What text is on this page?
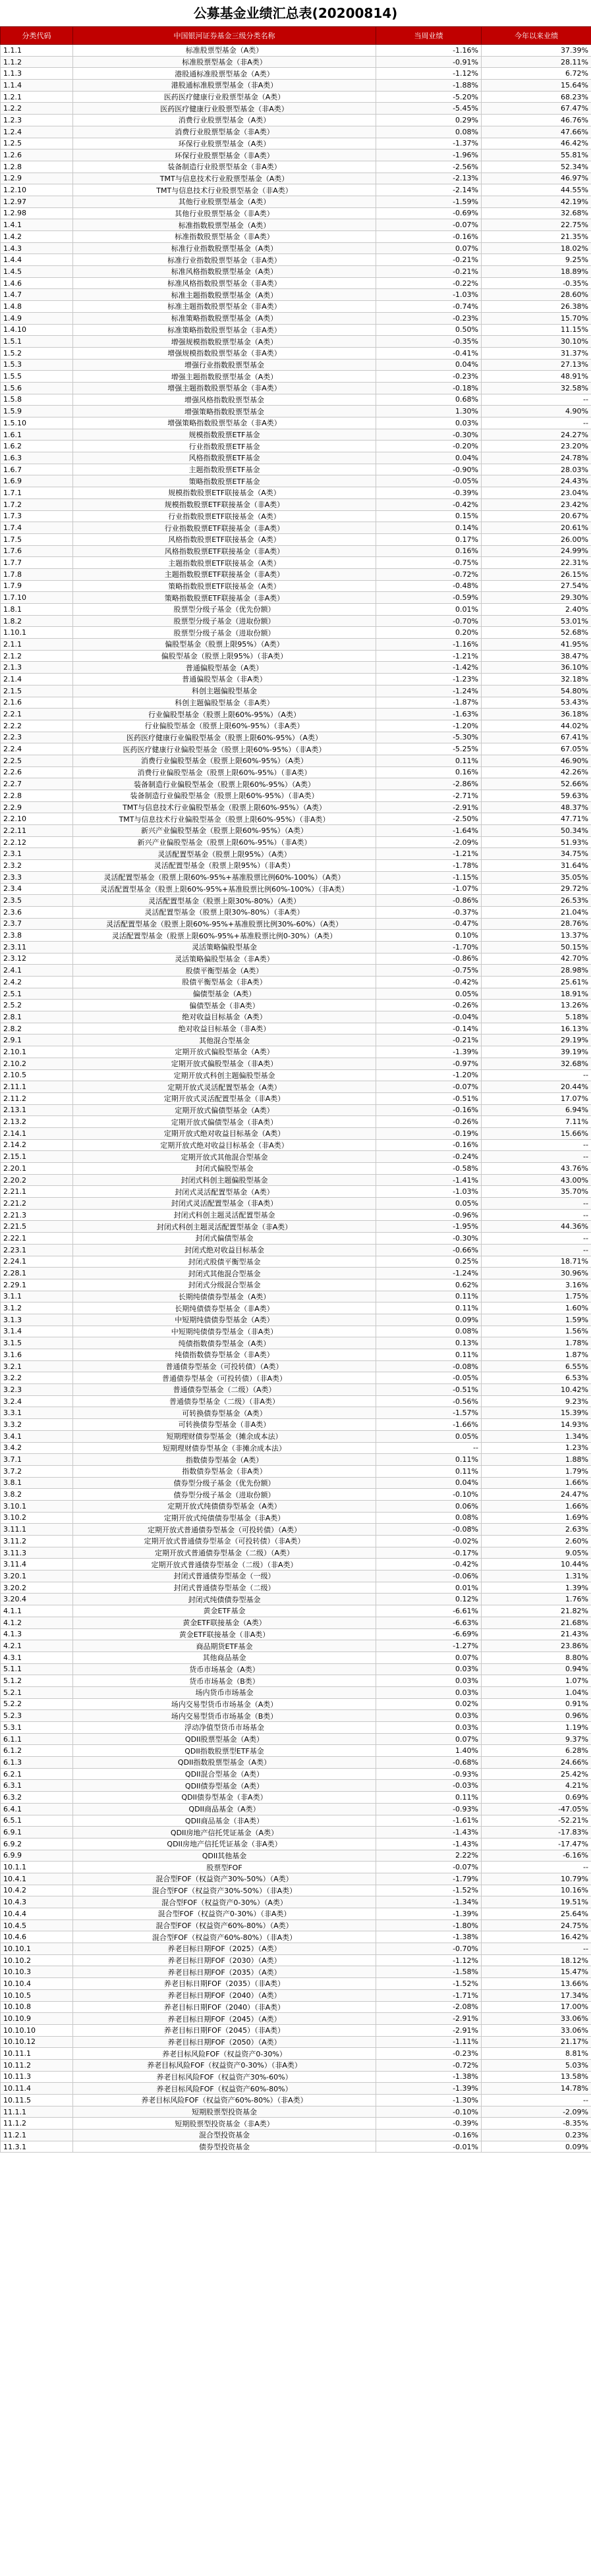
公募基金业绩汇总表(20200814)
分类代码	中国银河证券基金三级分类名称	当周业绩	今年以来业绩
1.1.1	标准股票型基金（A类）	-1.16%	37.39%
1.1.2	标准股票型基金（非A类）	-0.91%	28.11%
1.1.3	港股通标准股票型基金（A类）	-1.12%	6.72%
1.1.4	港股通标准股票型基金（非A类）	-1.88%	15.64%
1.2.1	医药医疗健康行业股票型基金（A类）	-5.20%	68.23%
1.2.2	医药医疗健康行业股票型基金（非A类）	-5.45%	67.47%
1.2.3	消费行业股票型基金（A类）	0.29%	46.76%
1.2.4	消费行业股票型基金（非A类）	0.08%	47.66%
1.2.5	环保行业股票型基金（A类）	-1.37%	46.42%
1.2.6	环保行业股票型基金（非A类）	-1.96%	55.81%
1.2.8	装备制造行业股票型基金（非A类）	-2.56%	52.34%
1.2.9	TMT与信息技术行业股票型基金（A类）	-2.13%	46.97%
1.2.10	TMT与信息技术行业股票型基金（非A类）	-2.14%	44.55%
1.2.97	其他行业股票型基金（A类）	-1.59%	42.19%
1.2.98	其他行业股票型基金（非A类）	-0.69%	32.68%
1.4.1	标准指数股票型基金（A类）	-0.07%	22.75%
1.4.2	标准指数股票型基金（非A类）	-0.16%	21.35%
1.4.3	标准行业指数股票型基金（A类）	0.07%	18.02%
1.4.4	标准行业指数股票型基金（非A类）	-0.21%	9.25%
1.4.5	标准风格指数股票型基金（A类）	-0.21%	18.89%
1.4.6	标准风格指数股票型基金（非A类）	-0.22%	-0.35%
1.4.7	标准主题指数股票型基金（A类）	-1.03%	28.60%
1.4.8	标准主题指数股票型基金（非A类）	-0.74%	26.38%
1.4.9	标准策略指数股票型基金（A类）	-0.23%	15.70%
1.4.10	标准策略指数股票型基金（非A类）	0.50%	11.15%
1.5.1	增强规模指数股票型基金（A类）	-0.35%	30.10%
1.5.2	增强规模指数股票型基金（非A类）	-0.41%	31.37%
1.5.3	增强行业指数股票型基金	0.04%	27.13%
1.5.5	增强主题指数股票型基金（A类）	-0.23%	48.91%
1.5.6	增强主题指数股票型基金（非A类）	-0.18%	32.58%
1.5.8	增强风格指数股票型基金	0.68%	--
1.5.9	增强策略指数股票型基金	1.30%	4.90%
1.5.10	增强策略指数股票型基金（非A类）	0.03%	--
1.6.1	规模指数股票ETF基金	-0.30%	24.27%
1.6.2	行业指数股票ETF基金	-0.20%	23.20%
1.6.3	风格指数股票ETF基金	0.04%	24.78%
1.6.7	主题指数股票ETF基金	-0.90%	28.03%
1.6.9	策略指数股票ETF基金	-0.05%	24.43%
1.7.1	规模指数股票ETF联接基金（A类）	-0.39%	23.04%
1.7.2	规模指数股票ETF联接基金（非A类）	-0.42%	23.42%
1.7.3	行业指数股票ETF联接基金（A类）	0.15%	20.67%
1.7.4	行业指数股票ETF联接基金（非A类）	0.14%	20.61%
1.7.5	风格指数股票ETF联接基金（A类）	0.17%	26.00%
1.7.6	风格指数股票ETF联接基金（非A类）	0.16%	24.99%
1.7.7	主题指数股票ETF联接基金（A类）	-0.75%	22.31%
1.7.8	主题指数股票ETF联接基金（非A类）	-0.72%	26.15%
1.7.9	策略指数股票ETF联接基金（A类）	-0.48%	27.54%
1.7.10	策略指数股票ETF联接基金（非A类）	-0.59%	29.30%
1.8.1	股票型分级子基金（优先份额）	0.01%	2.40%
1.8.2	股票型分级子基金（进取份额）	-0.70%	53.01%
1.10.1	股票型分级子基金（进取份额）	0.20%	52.68%
2.1.1	偏股型基金（股票上限95%）（A类）	-1.16%	41.95%
2.1.2	偏股型基金（股票上限95%）（非A类）	-1.21%	38.47%
2.1.3	普通偏股型基金（A类）	-1.42%	36.10%
2.1.4	普通偏股型基金（非A类）	-1.23%	32.18%
2.1.5	科创主题偏股型基金	-1.24%	54.80%
2.1.6	科创主题偏股型基金（非A类）	-1.87%	53.43%
2.2.1	行业偏股型基金（股票上限60%-95%）（A类）	-1.63%	36.18%
2.2.2	行业偏股型基金（股票上限60%-95%）（非A类）	-1.20%	44.02%
2.2.3	医药医疗健康行业偏股型基金（股票上限60%-95%）（A类）	-5.30%	67.41%
2.2.4	医药医疗健康行业偏股型基金（股票上限60%-95%）（非A类）	-5.25%	67.05%
2.2.5	消费行业偏股型基金（股票上限60%-95%）（A类）	0.11%	46.90%
2.2.6	消费行业偏股型基金（股票上限60%-95%）（非A类）	0.16%	42.26%
2.2.7	装备制造行业偏股型基金（股票上限60%-95%）（A类）	-2.86%	52.66%
2.2.8	装备制造行业偏股型基金（股票上限60%-95%）（非A类）	-2.71%	59.63%
2.2.9	TMT与信息技术行业偏股型基金（股票上限60%-95%）（A类）	-2.91%	48.37%
2.2.10	TMT与信息技术行业偏股型基金（股票上限60%-95%）（非A类）	-2.50%	47.71%
2.2.11	新兴产业偏股型基金（股票上限60%-95%）（A类）	-1.64%	50.34%
2.2.12	新兴产业偏股型基金（股票上限60%-95%）（非A类）	-2.09%	51.93%
2.3.1	灵活配置型基金（股票上限95%）（A类）	-1.21%	34.75%
2.3.2	灵活配置型基金（股票上限95%）（非A类）	-1.78%	31.64%
2.3.3	灵活配置型基金（股票上限60%-95%+基准股票比例60%-100%）（A类）	-1.15%	35.05%
2.3.4	灵活配置型基金（股票上限60%-95%+基准股票比例60%-100%）（非A类）	-1.07%	29.72%
2.3.5	灵活配置型基金（股票上限30%-80%）（A类）	-0.86%	26.53%
2.3.6	灵活配置型基金（股票上限30%-80%）（非A类）	-0.37%	21.04%
2.3.7	灵活配置型基金（股票上限60%-95%+基准股票比例30%-60%）（A类）	-0.47%	28.76%
2.3.8	灵活配置型基金（股票上限60%-95%+基准股票比例0-30%）（A类）	0.10%	13.37%
2.3.11	灵活策略偏股型基金	-1.70%	50.15%
2.3.12	灵活策略偏股型基金（非A类）	-0.86%	42.70%
2.4.1	股债平衡型基金（A类）	-0.75%	28.98%
2.4.2	股债平衡型基金（非A类）	-0.42%	25.61%
2.5.1	偏债型基金（A类）	0.05%	18.91%
2.5.2	偏债型基金（非A类）	-0.26%	13.26%
2.8.1	绝对收益目标基金（A类）	-0.04%	5.18%
2.8.2	绝对收益目标基金（非A类）	-0.14%	16.13%
2.9.1	其他混合型基金	-0.21%	29.19%
2.10.1	定期开放式偏股型基金（A类）	-1.39%	39.19%
2.10.2	定期开放式偏股型基金（非A类）	-0.97%	32.68%
2.10.5	定期开放式科创主题偏股型基金	-1.20%	--
2.11.1	定期开放式灵活配置型基金（A类）	-0.07%	20.44%
2.11.2	定期开放式灵活配置型基金（非A类）	-0.51%	17.07%
2.13.1	定期开放式偏债型基金（A类）	-0.16%	6.94%
2.13.2	定期开放式偏债型基金（非A类）	-0.26%	7.11%
2.14.1	定期开放式绝对收益目标基金（A类）	-0.19%	15.66%
2.14.2	定期开放式绝对收益目标基金（非A类）	-0.16%	--
2.15.1	定期开放式其他混合型基金	-0.24%	--
2.20.1	封闭式偏股型基金	-0.58%	43.76%
2.20.2	封闭式科创主题偏股型基金	-1.41%	43.00%
2.21.1	封闭式灵活配置型基金（A类）	-1.03%	35.70%
2.21.2	封闭式灵活配置型基金（非A类）	0.05%	--
2.21.3	封闭式科创主题灵活配置型基金	-0.96%	--
2.21.5	封闭式科创主题灵活配置型基金（非A类）	-1.95%	44.36%
2.22.1	封闭式偏债型基金	-0.30%	--
2.23.1	封闭式绝对收益目标基金	-0.66%	--
2.24.1	封闭式股债平衡型基金	0.25%	18.71%
2.28.1	封闭式其他混合型基金	-1.24%	30.96%
2.29.1	封闭式分级混合型基金	0.62%	3.16%
3.1.1	长期纯债债券型基金（A类）	0.11%	1.75%
3.1.2	长期纯债债券型基金（非A类）	0.11%	1.60%
3.1.3	中短期纯债债券型基金（A类）	0.09%	1.59%
3.1.4	中短期纯债债券型基金（非A类）	0.08%	1.56%
3.1.5	纯债指数债券型基金（A类）	0.13%	1.78%
3.1.6	纯债指数债券型基金（非A类）	0.11%	1.87%
3.2.1	普通债券型基金（可投转债）（A类）	-0.08%	6.55%
3.2.2	普通债券型基金（可投转债）（非A类）	-0.05%	6.53%
3.2.3	普通债券型基金（二级）（A类）	-0.51%	10.42%
3.2.4	普通债券型基金（二级）（非A类）	-0.56%	9.23%
3.3.1	可转换债券型基金（A类）	-1.57%	15.39%
3.3.2	可转换债券型基金（非A类）	-1.66%	14.93%
3.4.1	短期理财债券型基金（摊余成本法）	0.05%	1.34%
3.4.2	短期理财债券型基金（非摊余成本法）	--	1.23%
3.7.1	指数债券型基金（A类）	0.11%	1.88%
3.7.2	指数债券型基金（非A类）	0.11%	1.79%
3.8.1	债券型分级子基金（优先份额）	0.04%	1.66%
3.8.2	债券型分级子基金（进取份额）	-0.10%	24.47%
3.10.1	定期开放式纯债债券型基金（A类）	0.06%	1.66%
3.10.2	定期开放式纯债债券型基金（非A类）	0.08%	1.69%
3.11.1	定期开放式普通债券型基金（可投转债）（A类）	-0.08%	2.63%
3.11.2	定期开放式普通债券型基金（可投转债）（非A类）	-0.02%	2.60%
3.11.3	定期开放式普通债券型基金（二级）（A类）	-0.17%	9.05%
3.11.4	定期开放式普通债券型基金（二级）（非A类）	-0.42%	10.44%
3.20.1	封闭式普通债券型基金（一级）	-0.06%	1.31%
3.20.2	封闭式普通债券型基金（二级）	0.01%	1.39%
3.20.4	封闭式纯债债券型基金	0.12%	1.76%
4.1.1	黄金ETF基金	-6.61%	21.82%
4.1.2	黄金ETF联接基金（A类）	-6.63%	21.68%
4.1.3	黄金ETF联接基金（非A类）	-6.69%	21.43%
4.2.1	商品期货ETF基金	-1.27%	23.86%
4.3.1	其他商品基金	0.07%	8.80%
5.1.1	货币市场基金（A类）	0.03%	0.94%
5.1.2	货币市场基金（B类）	0.03%	1.07%
5.2.1	场内货币市场基金	0.03%	1.04%
5.2.2	场内交易型货币市场基金（A类）	0.02%	0.91%
5.2.3	场内交易型货币市场基金（B类）	0.03%	0.96%
5.3.1	浮动净值型货币市场基金	0.03%	1.19%
6.1.1	QDII股票型基金（A类）	0.07%	9.37%
6.1.2	QDII指数股票型ETF基金	1.40%	6.28%
6.1.3	QDII指数股票型基金（A类）	-0.68%	24.66%
6.2.1	QDII混合型基金（A类）	-0.93%	25.42%
6.3.1	QDII债券型基金（A类）	-0.03%	4.21%
6.3.2	QDII债券型基金（非A类）	0.11%	0.69%
6.4.1	QDII商品基金（A类）	-0.93%	-47.05%
6.5.1	QDII商品基金（非A类）	-1.61%	-52.21%
6.9.1	QDII房地产信托凭证基金（A类）	-1.43%	-17.83%
6.9.2	QDII房地产信托凭证基金（非A类）	-1.43%	-17.47%
6.9.9	QDII其他基金	2.22%	-6.16%
10.1.1	股票型FOF	-0.07%	--
10.4.1	混合型FOF（权益资产30%-50%）（A类）	-1.79%	10.79%
10.4.2	混合型FOF（权益资产30%-50%）（非A类）	-1.52%	10.16%
10.4.3	混合型FOF（权益资产0-30%）（A类）	-1.34%	19.51%
10.4.4	混合型FOF（权益资产0-30%）（非A类）	-1.39%	25.64%
10.4.5	混合型FOF（权益资产60%-80%）（A类）	-1.80%	24.75%
10.4.6	混合型FOF（权益资产60%-80%）（非A类）	-1.38%	16.42%
10.10.1	养老目标日期FOF（2025）（A类）	-0.70%	--
10.10.2	养老目标日期FOF（2030）（A类）	-1.12%	18.12%
10.10.3	养老目标日期FOF（2035）（A类）	-1.58%	15.47%
10.10.4	养老目标日期FOF（2035）（非A类）	-1.52%	13.66%
10.10.5	养老目标日期FOF（2040）（A类）	-1.71%	17.34%
10.10.8	养老目标日期FOF（2040）（非A类）	-2.08%	17.00%
10.10.9	养老目标日期FOF（2045）（A类）	-2.91%	33.06%
10.10.10	养老目标日期FOF（2045）（非A类）	-2.91%	33.06%
10.10.12	养老目标日期FOF（2050）（A类）	-1.11%	21.17%
10.11.1	养老目标风险FOF（权益资产0-30%）	-0.23%	8.81%
10.11.2	养老目标风险FOF（权益资产0-30%）（非A类）	-0.72%	5.03%
10.11.3	养老目标风险FOF（权益资产30%-60%）	-1.38%	13.58%
10.11.4	养老目标风险FOF（权益资产60%-80%）	-1.39%	14.78%
10.11.5	养老目标风险FOF（权益资产60%-80%）（非A类）	-1.30%	--
11.1.1	短期股票型投资基金	-0.10%	-2.09%
11.1.2	短期股票型投资基金（非A类）	-0.39%	-8.35%
11.2.1	混合型投资基金	-0.16%	0.23%
11.3.1	债券型投资基金	-0.01%	0.09%
